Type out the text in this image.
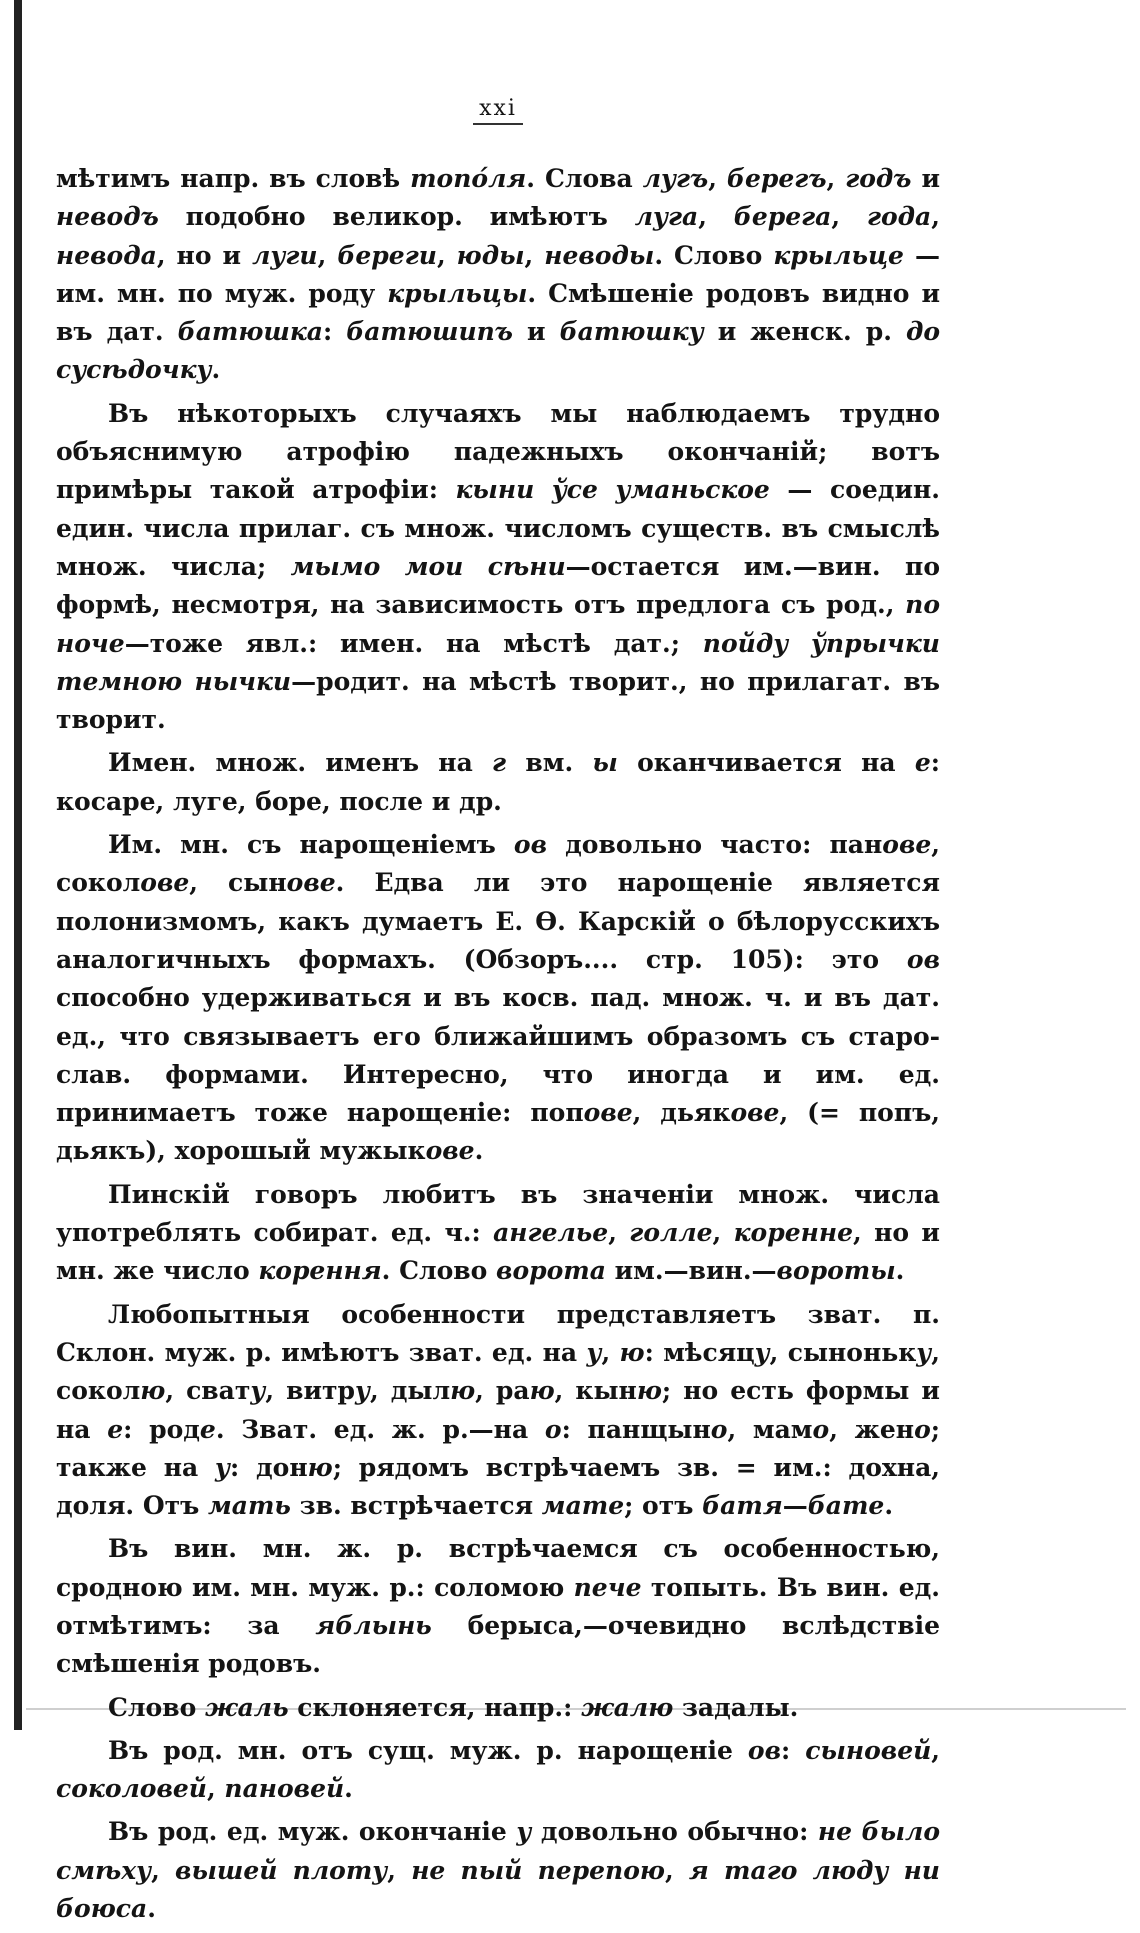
xxi

мѣтимъ напр. въ словѣ топо́ля. Слова лугъ, берегъ, годъ и неводъ подобно великор. имѣютъ луга, берега, года, невода, но и луги, береги, юды, неводы. Слово крыльце — им. мн. по муж. роду крыльцы. Смѣшеніе родовъ видно и въ дат. батюшка: батюшипъ и батюшку и женск. р. до сусѣдочку.

Въ нѣкоторыхъ случаяхъ мы наблюдаемъ трудно объяснимую атрофію падежныхъ окончаній; вотъ примѣры такой атрофіи: кыни ўсе уманьское — соедин. един. числа прилаг. съ множ. числомъ существ. въ смыслѣ множ. числа; мымо мои сѣни—остается им.—вин. по формѣ, несмотря, на зависимость отъ предлога съ род., по ноче—тоже явл.: имен. на мѣстѣ дат.; пойду ўпрычки темною нычки—родит. на мѣстѣ творит., но прилагат. въ творит.

Имен. множ. именъ на г вм. ы оканчивается на е: косаре, луге, боре, после и др.

Им. мн. съ нарощеніемъ ов довольно часто: панове, соколове, сынове. Едва ли это нарощеніе является полонизмомъ, какъ думаетъ Е. Ѳ. Карскій о бѣлорусскихъ аналогичныхъ формахъ. (Обзоръ.... стр. 105): это ов способно удерживаться и въ косв. пад. множ. ч. и въ дат. ед., что связываетъ его ближайшимъ образомъ съ старо-слав. формами. Интересно, что иногда и им. ед. принимаетъ тоже нарощеніе: попове, дьякове, (= попъ, дьякъ), хорошый мужыкове.

Пинскій говоръ любитъ въ значеніи множ. числа употреблять собират. ед. ч.: ангелье, голле, коренне, но и мн. же число корення. Слово ворота им.—вин.—вороты.

Любопытныя особенности представляетъ зват. п. Склон. муж. р. имѣютъ зват. ед. на у, ю: мѣсяцу, сыноньку, соколю, свату, витру, дылю, раю, кыню; но есть формы и на е: роде. Зват. ед. ж. р.—на о: панщыно, мамо, жено; также на у: доню; рядомъ встрѣчаемъ зв. = им.: дохна, доля. Отъ мать зв. встрѣчается мате; отъ батя—бате.

Въ вин. мн. ж. р. встрѣчаемся съ особенностью, сродною им. мн. муж. р.: соломою пече топыть. Въ вин. ед. отмѣтимъ: за яблынь берыса,—очевидно вслѣдствіе смѣшенія родовъ.

Слово жаль склоняется, напр.: жалю задалы.

Въ род. мн. отъ сущ. муж. р. нарощеніе ов: сыновей, соколовей, пановей.

Въ род. ед. муж. окончаніе у довольно обычно: не было смѣху, вышей плоту, не пый перепою, я таго люду ни боюса.
